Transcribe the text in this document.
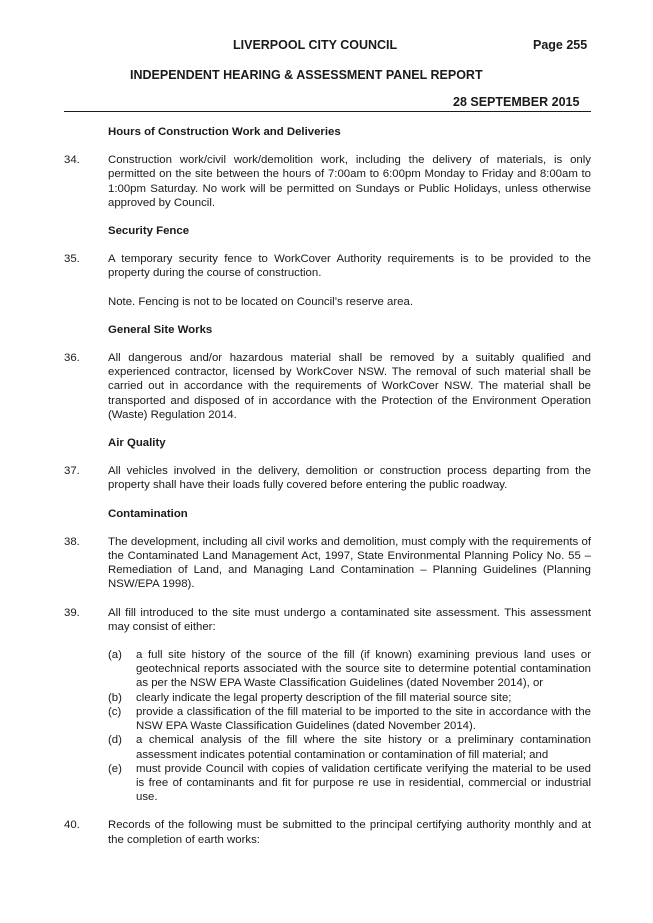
LIVERPOOL CITY COUNCIL	Page 255
INDEPENDENT HEARING & ASSESSMENT PANEL REPORT
28 SEPTEMBER 2015
Hours of Construction Work and Deliveries
34.	Construction work/civil work/demolition work, including the delivery of materials, is only permitted on the site between the hours of 7:00am to 6:00pm Monday to Friday and 8:00am to 1:00pm Saturday. No work will be permitted on Sundays or Public Holidays, unless otherwise approved by Council.
Security Fence
35.	A temporary security fence to WorkCover Authority requirements is to be provided to the property during the course of construction.
Note. Fencing is not to be located on Council’s reserve area.
General Site Works
36.	All dangerous and/or hazardous material shall be removed by a suitably qualified and experienced contractor, licensed by WorkCover NSW. The removal of such material shall be carried out in accordance with the requirements of WorkCover NSW. The material shall be transported and disposed of in accordance with the Protection of the Environment Operation (Waste) Regulation 2014.
Air Quality
37.	All vehicles involved in the delivery, demolition or construction process departing from the property shall have their loads fully covered before entering the public roadway.
Contamination
38.	The development, including all civil works and demolition, must comply with the requirements of the Contaminated Land Management Act, 1997, State Environmental Planning Policy No. 55 – Remediation of Land, and Managing Land Contamination – Planning Guidelines (Planning NSW/EPA 1998).
39.	All fill introduced to the site must undergo a contaminated site assessment. This assessment may consist of either:
(a)	a full site history of the source of the fill (if known) examining previous land uses or geotechnical reports associated with the source site to determine potential contamination as per the NSW EPA Waste Classification Guidelines (dated November 2014), or
(b)	clearly indicate the legal property description of the fill material source site;
(c)	provide a classification of the fill material to be imported to the site in accordance with the NSW EPA Waste Classification Guidelines (dated November 2014).
(d)	a chemical analysis of the fill where the site history or a preliminary contamination assessment indicates potential contamination or contamination of fill material; and
(e)	must provide Council with copies of validation certificate verifying the material to be used is free of contaminants and fit for purpose re use in residential, commercial or industrial use.
40.	Records of the following must be submitted to the principal certifying authority monthly and at the completion of earth works:
